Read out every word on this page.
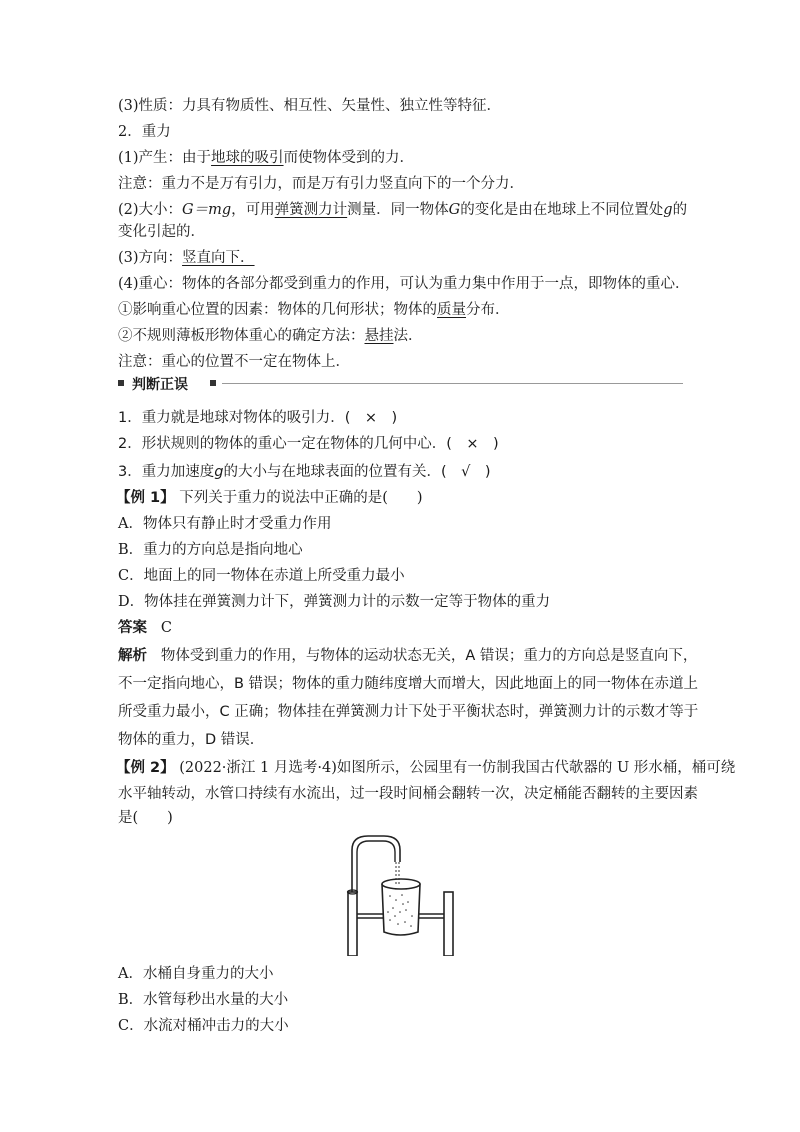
(3)性质：力具有物质性、相互性、矢量性、独立性等特征．
2．重力
(1)产生：由于地球的吸引而使物体受到的力．
注意：重力不是万有引力，而是万有引力竖直向下的一个分力．
(2)大小：G＝mg，可用弹簧测力计测量．同一物体G的变化是由在地球上不同位置处g的
变化引起的．
(3)方向：竖直向下．
(4)重心：物体的各部分都受到重力的作用，可认为重力集中作用于一点，即物体的重心．
①影响重心位置的因素：物体的几何形状；物体的质量分布．
②不规则薄板形物体重心的确定方法：悬挂法．
注意：重心的位置不一定在物体上．
判断正误
1．重力就是地球对物体的吸引力．(　×　)
2．形状规则的物体的重心一定在物体的几何中心．(　×　)
3．重力加速度g的大小与在地球表面的位置有关．(　√　)
【例 1】 下列关于重力的说法中正确的是(　　)
A．物体只有静止时才受重力作用
B．重力的方向总是指向地心
C．地面上的同一物体在赤道上所受重力最小
D．物体挂在弹簧测力计下，弹簧测力计的示数一定等于物体的重力
答案 C
解析 物体受到重力的作用，与物体的运动状态无关，A 错误；重力的方向总是竖直向下，
不一定指向地心，B 错误；物体的重力随纬度增大而增大，因此地面上的同一物体在赤道上
所受重力最小，C 正确；物体挂在弹簧测力计下处于平衡状态时，弹簧测力计的示数才等于
物体的重力，D 错误．
【例 2】 (2022·浙江 1 月选考·4)如图所示，公园里有一仿制我国古代欹器的 U 形水桶，桶可绕
水平轴转动，水管口持续有水流出，过一段时间桶会翻转一次，决定桶能否翻转的主要因素
是(　　)
A．水桶自身重力的大小
B．水管每秒出水量的大小
C．水流对桶冲击力的大小
